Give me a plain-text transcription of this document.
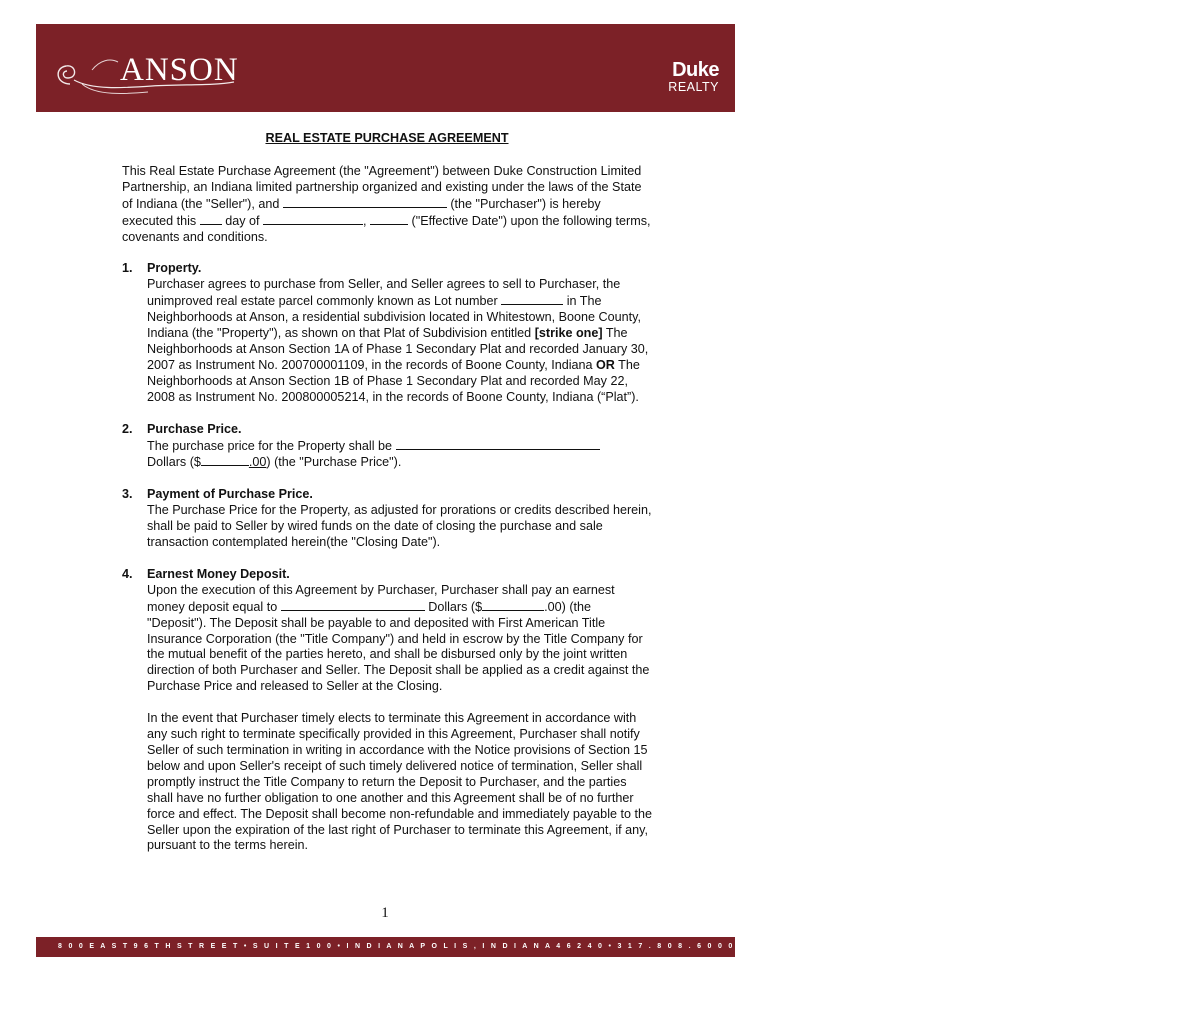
ANSON	Duke
REALTY
REAL ESTATE PURCHASE AGREEMENT
This Real Estate Purchase Agreement (the "Agreement") between Duke Construction Limited Partnership, an Indiana limited partnership organized and existing under the laws of the State of Indiana (the "Seller"), and	(the "Purchaser") is hereby executed this  day of	,	("Effective Date") upon the following terms, covenants and conditions.
1. Property.
Purchaser agrees to purchase from Seller, and Seller agrees to sell to Purchaser, the unimproved real estate parcel commonly known as Lot number	in The Neighborhoods at Anson, a residential subdivision located in Whitestown, Boone County, Indiana (the "Property"), as shown on that Plat of Subdivision entitled [strike one] The Neighborhoods at Anson Section 1A of Phase 1 Secondary Plat and recorded January 30, 2007 as Instrument No. 200700001109, in the records of Boone County, Indiana OR The Neighborhoods at Anson Section 1B of Phase 1 Secondary Plat and recorded May 22, 2008 as Instrument No. 200800005214, in the records of Boone County, Indiana (“Plat”).
2. Purchase Price.
The purchase price for the Property shall be
Dollars ($	.00) (the "Purchase Price").
3. Payment of Purchase Price.
The Purchase Price for the Property, as adjusted for prorations or credits described herein, shall be paid to Seller by wired funds on the date of closing the purchase and sale transaction contemplated herein(the "Closing Date").
4. Earnest Money Deposit.

Upon the execution of this Agreement by Purchaser, Purchaser shall pay an earnest money deposit equal to	Dollars ($	.00) (the "Deposit"). The Deposit shall be payable to and deposited with First American Title Insurance Corporation (the "Title Company") and held in escrow by the Title Company for the mutual benefit of the parties hereto, and shall be disbursed only by the joint written direction of both Purchaser and Seller. The Deposit shall be applied as a credit against the Purchase Price and released to Seller at the Closing.

In the event that Purchaser timely elects to terminate this Agreement in accordance with any such right to terminate specifically provided in this Agreement, Purchaser shall notify Seller of such termination in writing in accordance with the Notice provisions of Section 15 below and upon Seller's receipt of such timely delivered notice of termination, Seller shall promptly instruct the Title Company to return the Deposit to Purchaser, and the parties shall have no further obligation to one another and this Agreement shall be of no further force and effect. The Deposit shall become non-refundable and immediately payable to the Seller upon the expiration of the last right of Purchaser to terminate this Agreement, if any, pursuant to the terms herein.

1
8 0 0 E A S T 9 6 T H S T R E E T • S U I T E 1 0 0 • I N D I A N A P O L I S , I N D I A N A 4 6 2 4 0 • 3 1 7 . 8 0 8 . 6 0 0 0 • W W W . D U K E R E A L T Y . C O M • W W W . A N S O N I N D I A N A . C O M
